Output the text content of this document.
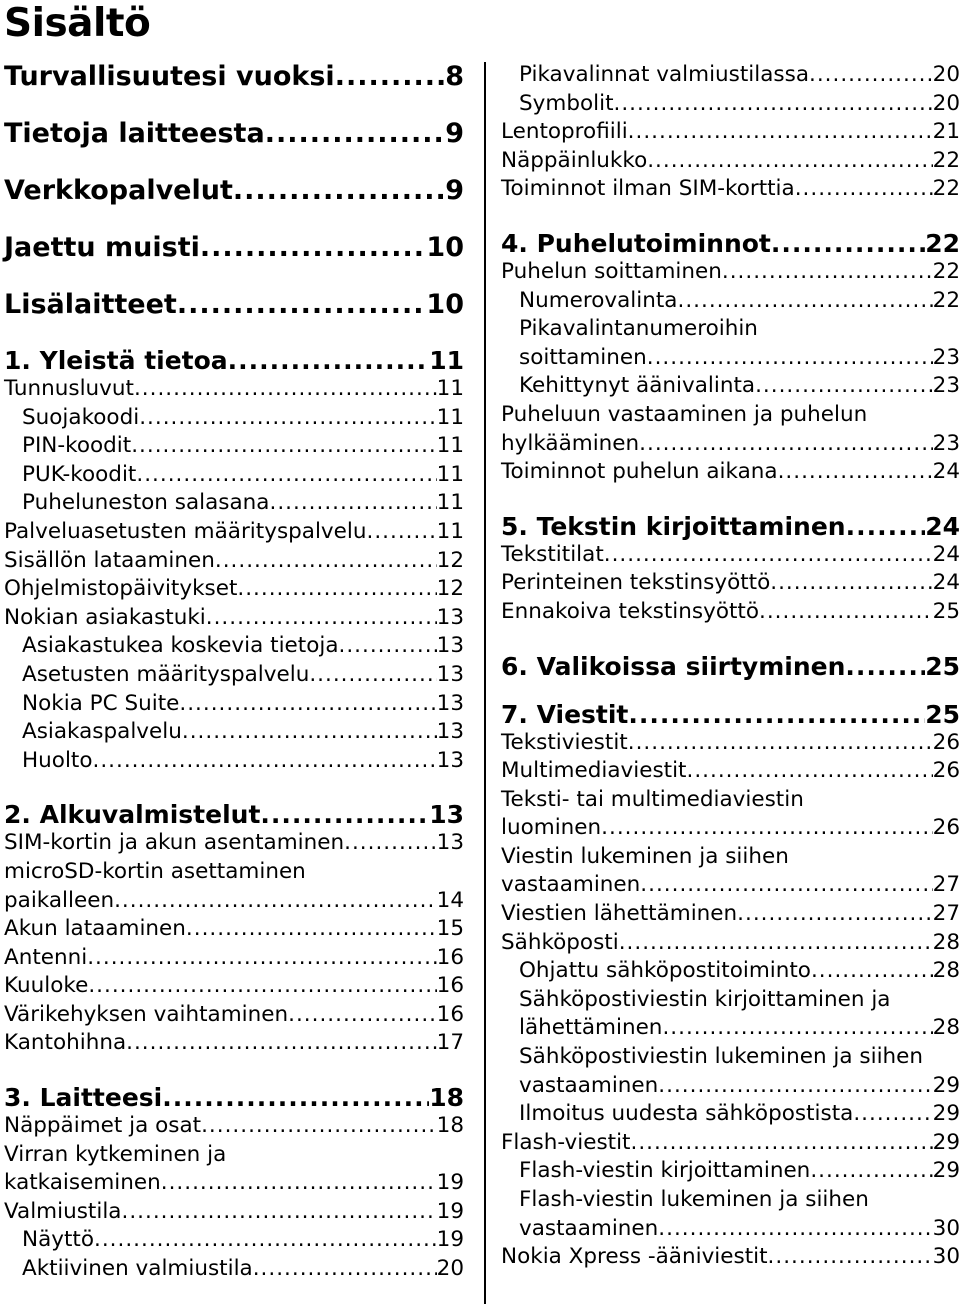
Sisältö
Turvallisuutesi vuoksi .....	8
Tietoja laitteesta .....	9
Verkkopalvelut .....	9
Jaettu muisti .....	10
Lisälaitteet .....	10
1. Yleistä tietoa .....	11
Tunnusluvut .....	11
Suojakoodi .....	11
PIN-koodit .....	11
PUK-koodit .....	11
Puheluneston salasana .....	11
Palveluasetusten määrityspalvelu .....	11
Sisällön lataaminen .....	12
Ohjelmistopäivitykset .....	12
Nokian asiakastuki .....	13
Asiakastukea koskevia tietoja .....	13
Asetusten määrityspalvelu .....	13
Nokia PC Suite .....	13
Asiakaspalvelu .....	13
Huolto .....	13
2. Alkuvalmistelut .....	13
SIM-kortin ja akun asentaminen .....	13
microSD-kortin asettaminen
paikalleen .....	14
Akun lataaminen .....	15
Antenni .....	16
Kuuloke .....	16
Värikehyksen vaihtaminen .....	16
Kantohihna .....	17
3. Laitteesi .....	18
Näppäimet ja osat .....	18
Virran kytkeminen ja
katkaiseminen .....	19
Valmiustila .....	19
Näyttö .....	19
Aktiivinen valmiustila .....	20
Pikavalinnat valmiustilassa .....	20
Symbolit .....	20
Lentoprofiili .....	21
Näppäinlukko .....	22
Toiminnot ilman SIM-korttia .....	22
4. Puhelutoiminnot .....	22
Puhelun soittaminen .....	22
Numerovalinta .....	22
Pikavalintanumeroihin
soittaminen .....	23
Kehittynyt äänivalinta .....	23
Puheluun vastaaminen ja puhelun
hylkääminen .....	23
Toiminnot puhelun aikana .....	24
5. Tekstin kirjoittaminen .....	24
Tekstitilat .....	24
Perinteinen tekstinsyöttö .....	24
Ennakoiva tekstinsyöttö .....	25
6. Valikoissa siirtyminen .....	25
7. Viestit .....	25
Tekstiviestit .....	26
Multimediaviestit .....	26
Teksti- tai multimediaviestin
luominen .....	26
Viestin lukeminen ja siihen
vastaaminen .....	27
Viestien lähettäminen .....	27
Sähköposti .....	28
Ohjattu sähköpostitoiminto .....	28
Sähköpostiviestin kirjoittaminen ja
lähettäminen .....	28
Sähköpostiviestin lukeminen ja siihen
vastaaminen .....	29
Ilmoitus uudesta sähköpostista .....	29
Flash-viestit .....	29
Flash-viestin kirjoittaminen .....	29
Flash-viestin lukeminen ja siihen
vastaaminen .....	30
Nokia Xpress -ääniviestit .....	30
